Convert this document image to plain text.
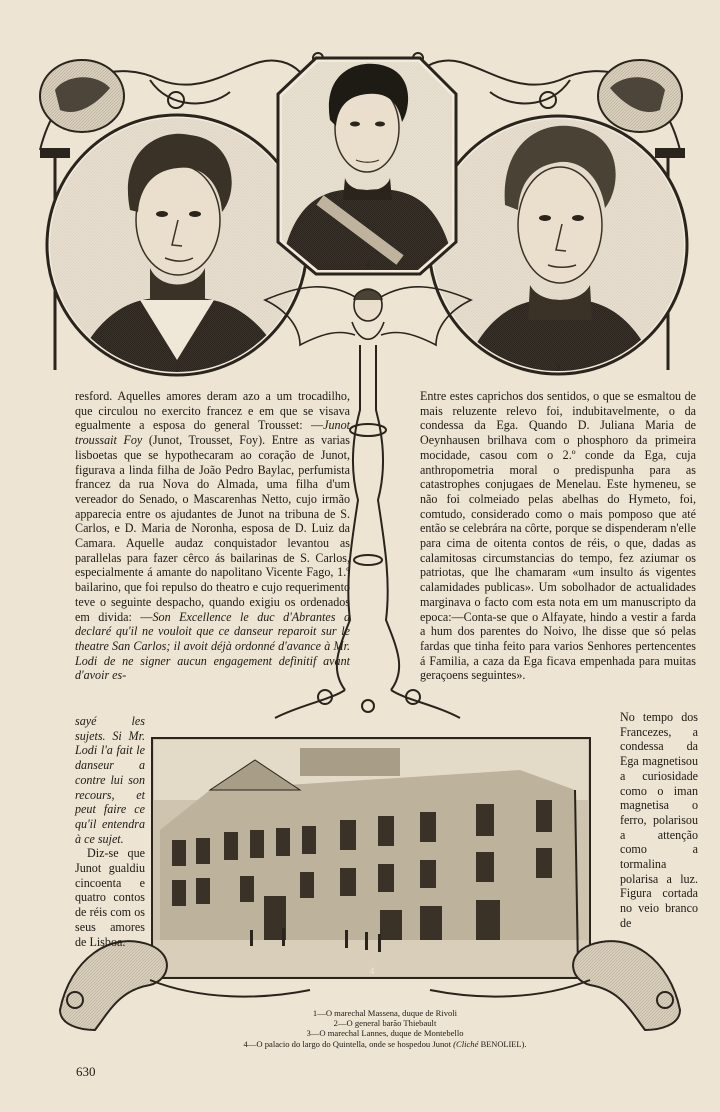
1
2
3
4

resford. Aquelles amores deram azo a um trocadilho, que circulou no exercito francez e em que se visava egualmente a esposa do general Trousset: —Junot troussait Foy (Junot, Trousset, Foy). Entre as varias lisboetas que se hypothecaram ao coração de Junot, figurava a linda filha de João Pedro Baylac, perfumista francez da rua Nova do Almada, uma filha d'um vereador do Senado, o Mascarenhas Netto, cujo irmão apparecia entre os ajudantes de Junot na tribuna de S. Carlos, e D. Maria de Noronha, esposa de D. Luiz da Camara. Aquelle audaz conquistador levantou as parallelas para fazer cêrco ás bailarinas de S. Carlos, especialmente á amante do napolitano Vicente Fago, 1.º bailarino, que foi repulso do theatro e cujo requerimento teve o seguinte despacho, quando exigiu os ordenados em divida: —Son Excellence le duc d'Abrantes a declaré qu'il ne vouloit que ce danseur reparoit sur le theatre San Carlos; il avoit déjà ordonné d'avance à Mr. Lodi de ne signer aucun engagement definitif avant d'avoir es-

sayé les sujets. Si Mr. Lodi l'a fait le danseur a contre lui son recours, et peut faire ce qu'il entendra à ce sujet.

Diz-se que Junot gualdiu cincoenta e quatro contos de réis com os seus amores de Lisboa.

Entre estes caprichos dos sentidos, o que se esmaltou de mais reluzente relevo foi, indubitavelmente, o da condessa da Ega. Quando D. Juliana Maria de Oeynhausen brilhava com o phosphoro da primeira mocidade, casou com o 2.º conde da Ega, cuja anthropometria moral o predispunha para as catastrophes conjugaes de Menelau. Este hymeneu, se não foi colmeiado pelas abelhas do Hymeto, foi, comtudo, considerado como o mais pomposo que até então se celebrára na côrte, porque se dispenderam n'elle para cima de oitenta contos de réis, o que, dadas as calamitosas circumstancias do tempo, fez aziumar os patriotas, que lhe chamaram «um insulto ás vigentes calamidades publicas». Um sobolhador de actualidades marginava o facto com esta nota em um manuscripto da epoca:—Conta-se que o Alfayate, hindo a vestir a farda a hum dos parentes do Noivo, lhe disse que só pelas fardas que tinha feito para varios Senhores pertencentes á Familia, a caza da Ega ficava empenhada para muitas geraçoens seguintes».

No tempo dos Francezes, a condessa da Ega magnetisou a curiosidade como o iman magnetisa o ferro, polarisou a attenção como a tormalina polarisa a luz. Figura cortada no veio branco de

1—O marechal Massena, duque de Rivoli
2—O general barão Thiebault
3—O marechal Lannes, duque de Montebello
4—O palacio do largo do Quintella, onde se hospedou Junot (Cliché BENOLIEL).
630
